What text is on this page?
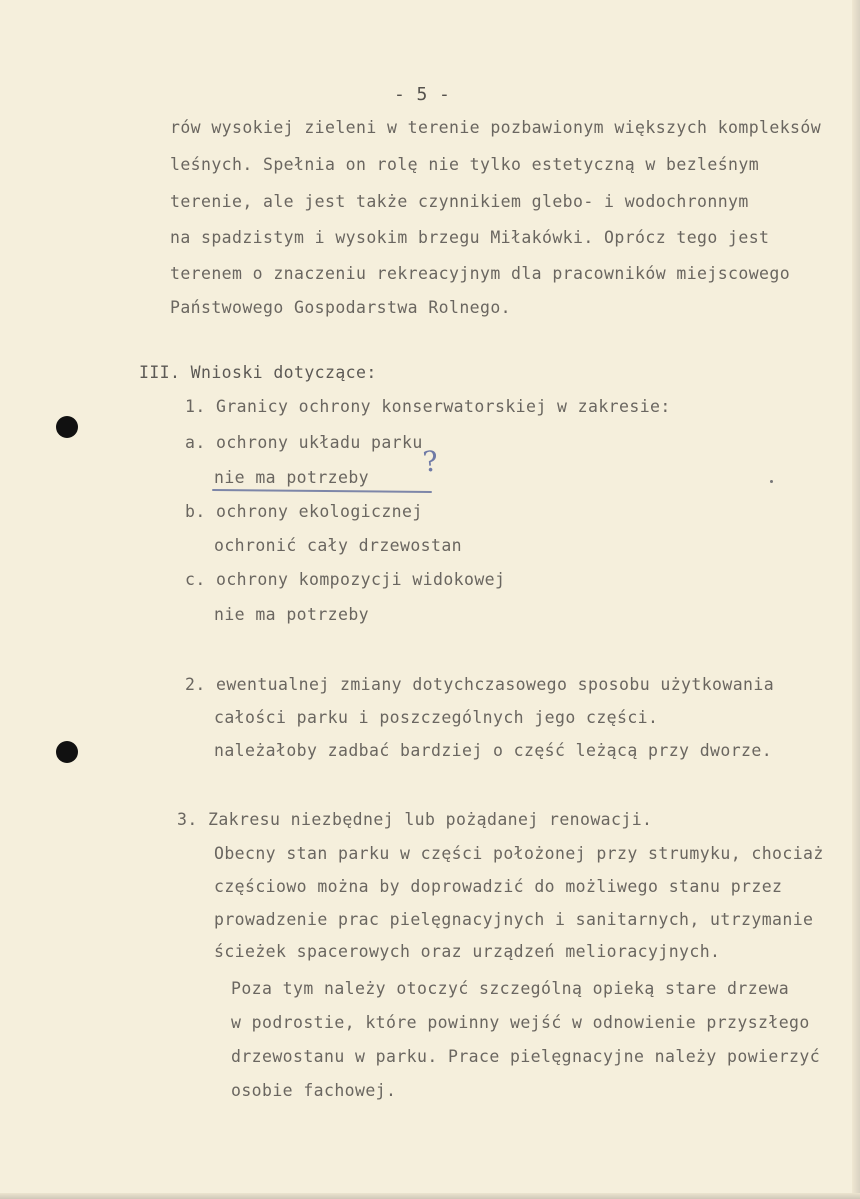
- 5 -
rów wysokiej zieleni w terenie pozbawionym większych kompleksów
leśnych. Spełnia on rolę nie tylko estetyczną w bezleśnym
terenie, ale jest także czynnikiem glebo- i wodochronnym
na spadzistym i wysokim brzegu Miłakówki. Oprócz tego jest
terenem o znaczeniu rekreacyjnym dla pracowników miejscowego
Państwowego Gospodarstwa Rolnego.
III. Wnioski dotyczące:
1. Granicy ochrony konserwatorskiej w zakresie:
a. ochrony układu parku
nie ma potrzeby ?
b. ochrony ekologicznej
ochronić cały drzewostan
c. ochrony kompozycji widokowej
nie ma potrzeby
2. ewentualnej zmiany dotychczasowego sposobu użytkowania
całości parku i poszczególnych jego części.
należałoby zadbać bardziej o część leżącą przy dworze.
3. Zakresu niezbędnej lub pożądanej renowacji.
Obecny stan parku w części położonej przy strumyku, chociaż
częściowo można by doprowadzić do możliwego stanu przez
prowadzenie prac pielęgnacyjnych i sanitarnych, utrzymanie
ścieżek spacerowych oraz urządzeń melioracyjnych.
Poza tym należy otoczyć szczególną opieką stare drzewa
w podrostie, które powinny wejść w odnowienie przyszłego
drzewostanu w parku. Prace pielęgnacyjne należy powierzyć
osobie fachowej.
